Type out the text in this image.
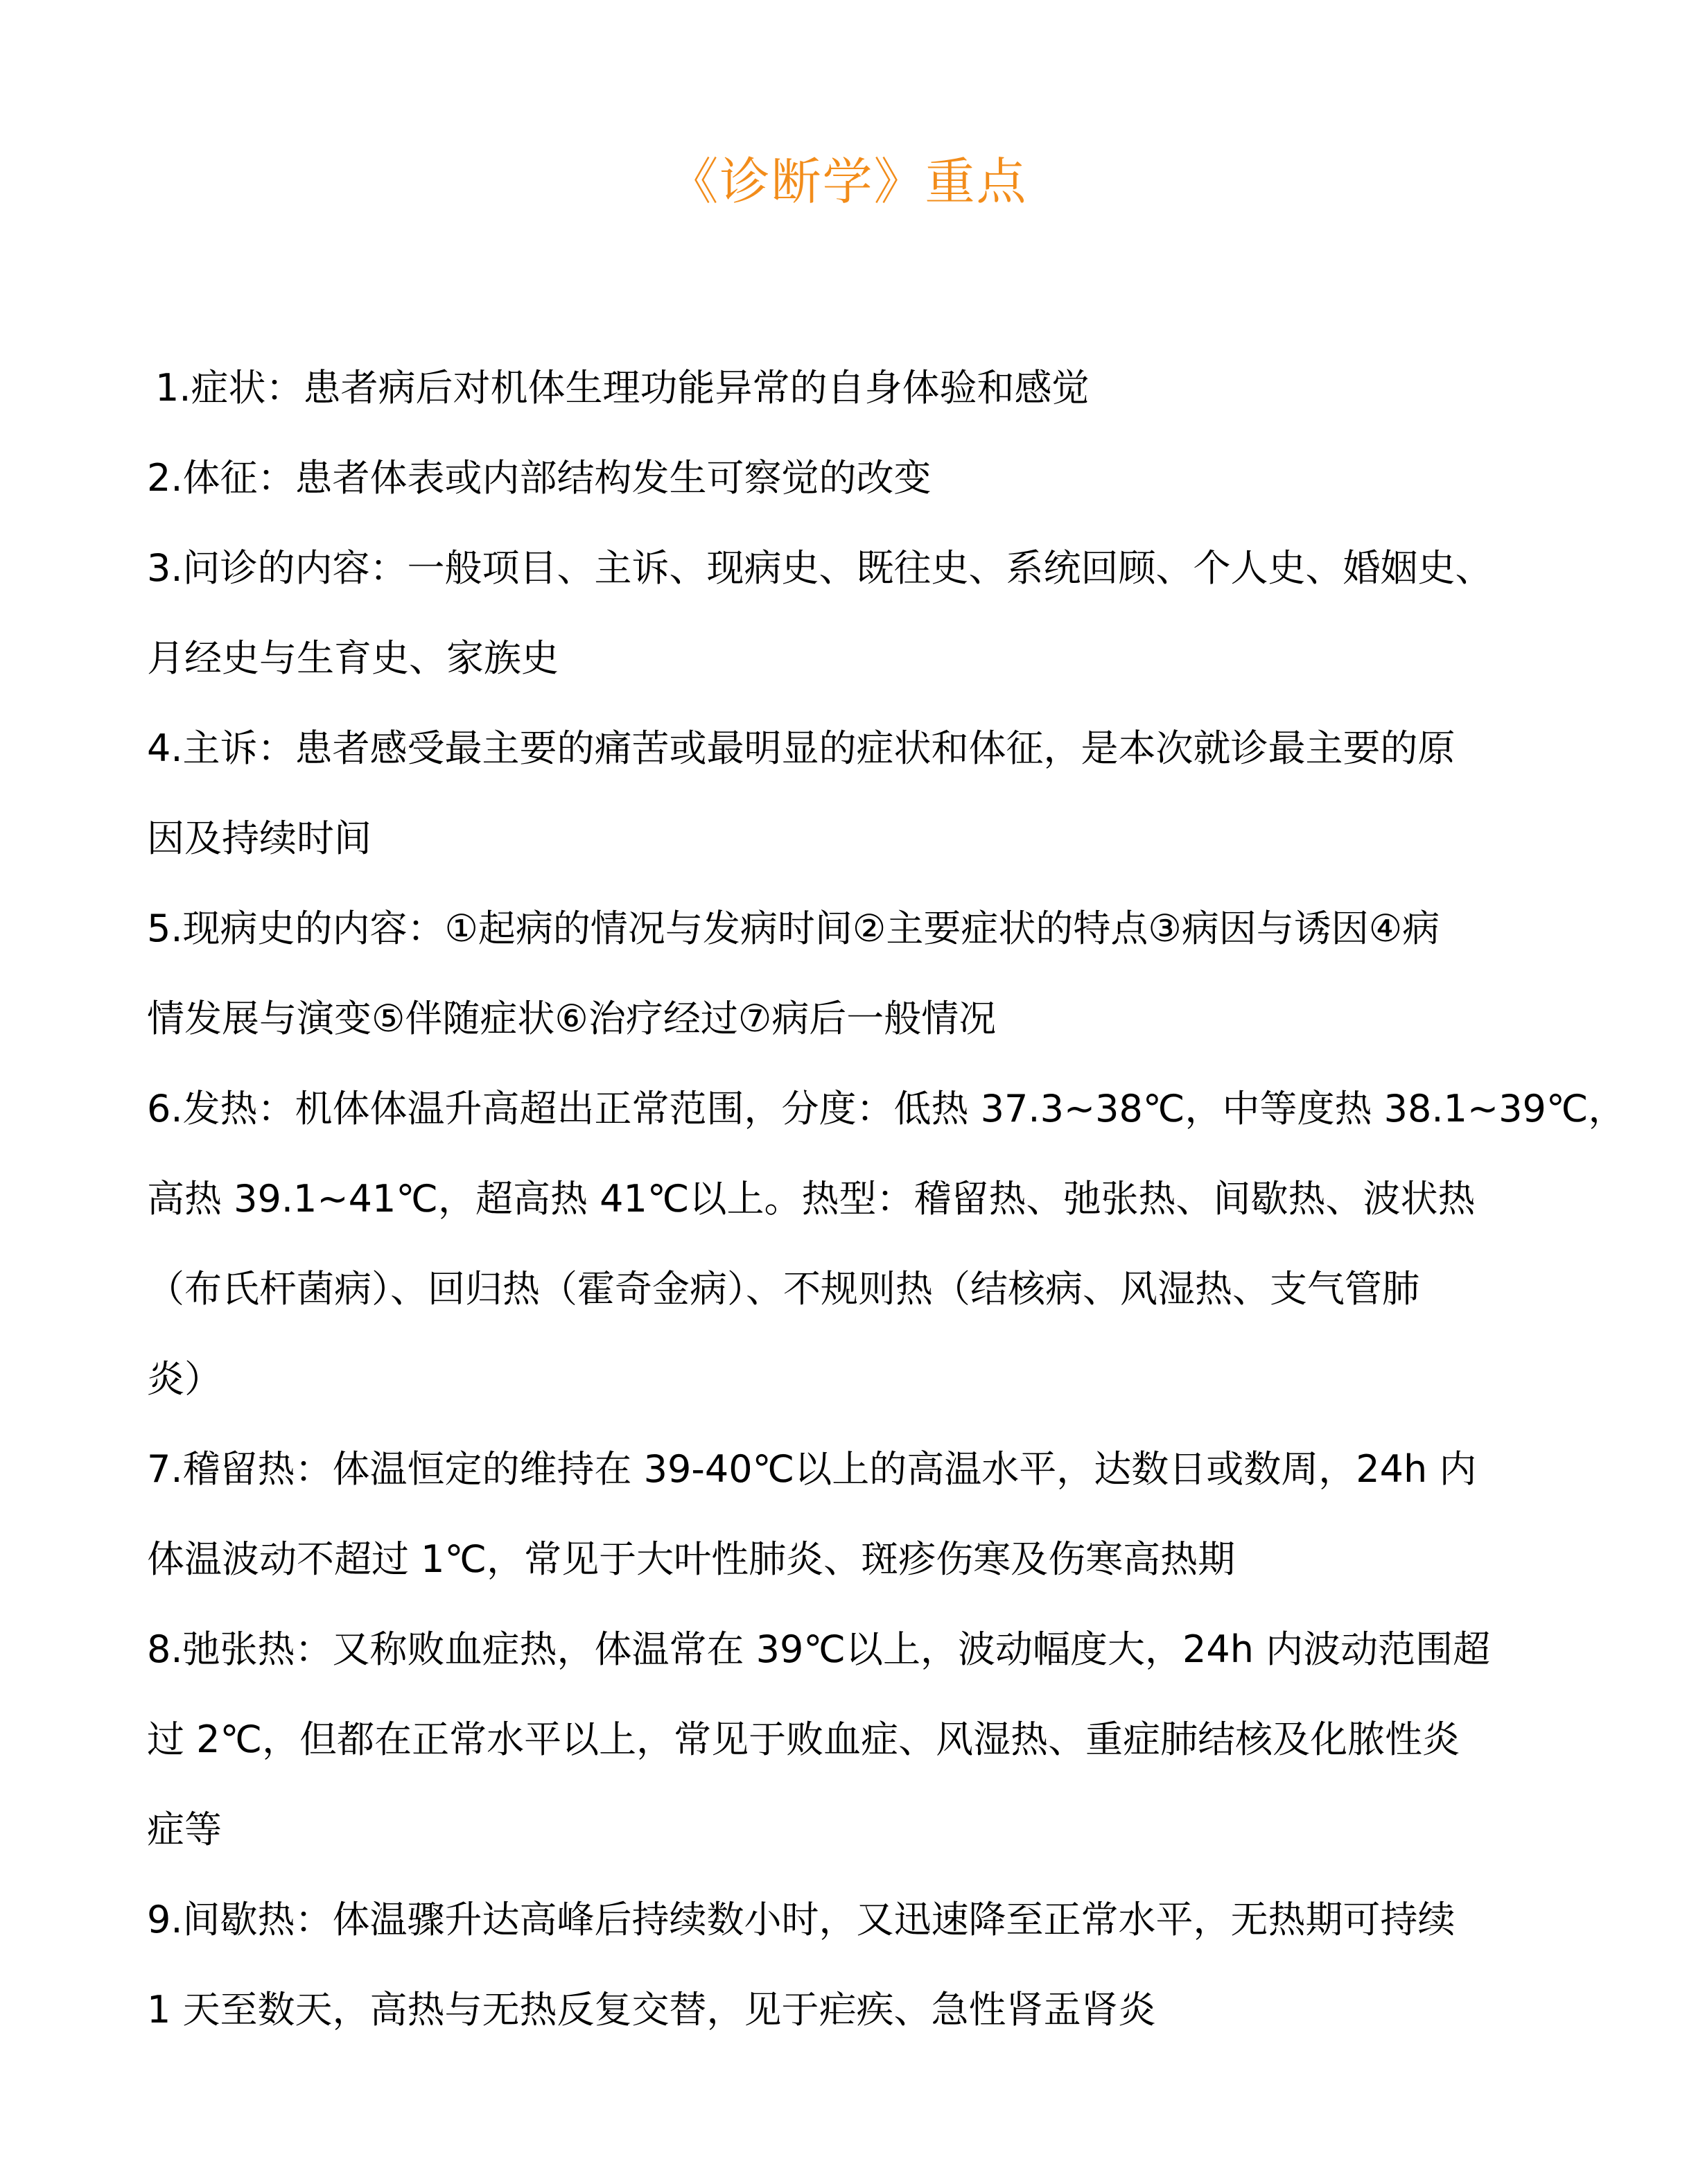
《诊断学》重点
1.症状：患者病后对机体生理功能异常的自身体验和感觉
2.体征：患者体表或内部结构发生可察觉的改变
3.问诊的内容：一般项目、主诉、现病史、既往史、系统回顾、个人史、婚姻史、
月经史与生育史、家族史
4.主诉：患者感受最主要的痛苦或最明显的症状和体征，是本次就诊最主要的原
因及持续时间
5.现病史的内容：①起病的情况与发病时间②主要症状的特点③病因与诱因④病
情发展与演变⑤伴随症状⑥治疗经过⑦病后一般情况
6.发热：机体体温升高超出正常范围，分度：低热 37.3~38℃，中等度热 38.1~39℃，
高热 39.1~41℃，超高热 41℃以上。热型：稽留热、弛张热、间歇热、波状热
（布氏杆菌病）、回归热（霍奇金病）、不规则热（结核病、风湿热、支气管肺
炎）
7.稽留热：体温恒定的维持在 39-40℃以上的高温水平，达数日或数周，24h 内
体温波动不超过 1℃，常见于大叶性肺炎、斑疹伤寒及伤寒高热期
8.弛张热：又称败血症热，体温常在 39℃以上，波动幅度大，24h 内波动范围超
过 2℃，但都在正常水平以上，常见于败血症、风湿热、重症肺结核及化脓性炎
症等
9.间歇热：体温骤升达高峰后持续数小时，又迅速降至正常水平，无热期可持续
1 天至数天，高热与无热反复交替，见于疟疾、急性肾盂肾炎
